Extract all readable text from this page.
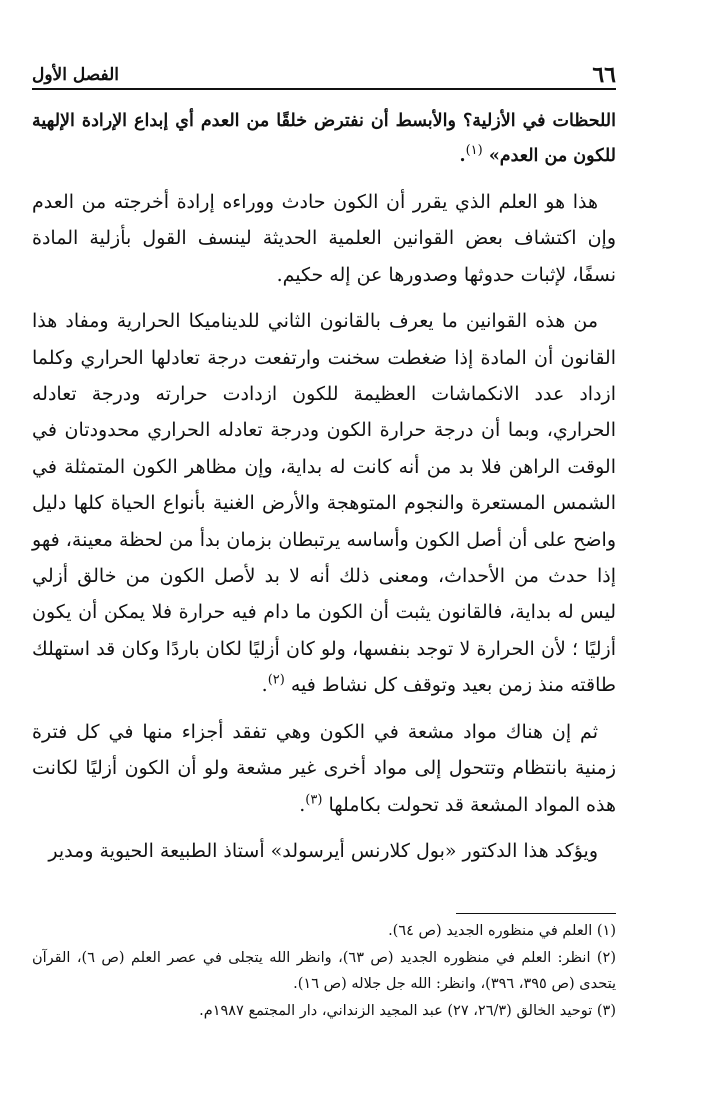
٦٦
الفصل الأول

اللحظات في الأزلية؟ والأبسط أن نفترض خلقًا من العدم أي إبداع الإرادة الإلهية للكون من العدم» $^{(١)}$.

هذا هو العلم الذي يقرر أن الكون حادث ووراءه إرادة أخرجته من العدم وإن اكتشاف بعض القوانين العلمية الحديثة لينسف القول بأزلية المادة نسفًا، لإثبات حدوثها وصدورها عن إله حكيم.

من هذه القوانين ما يعرف بالقانون الثاني للديناميكا الحرارية ومفاد هذا القانون أن المادة إذا ضغطت سخنت وارتفعت درجة تعادلها الحراري وكلما ازداد عدد الانكماشات العظيمة للكون ازدادت حرارته ودرجة تعادله الحراري، وبما أن درجة حرارة الكون ودرجة تعادله الحراري محدودتان في الوقت الراهن فلا بد من أنه كانت له بداية، وإن مظاهر الكون المتمثلة في الشمس المستعرة والنجوم المتوهجة والأرض الغنية بأنواع الحياة كلها دليل واضح على أن أصل الكون وأساسه يرتبطان بزمان بدأ من لحظة معينة، فهو إذا حدث من الأحداث، ومعنى ذلك أنه لا بد لأصل الكون من خالق أزلي ليس له بداية، فالقانون يثبت أن الكون ما دام فيه حرارة فلا يمكن أن يكون أزليًا ؛ لأن الحرارة لا توجد بنفسها، ولو كان أزليًا لكان باردًا وكان قد استهلك طاقته منذ زمن بعيد وتوقف كل نشاط فيه $^{(٢)}$.

ثم إن هناك مواد مشعة في الكون وهي تفقد أجزاء منها في كل فترة زمنية بانتظام وتتحول إلى مواد أخرى غير مشعة ولو أن الكون أزليًا لكانت هذه المواد المشعة قد تحولت بكاملها $^{(٣)}$.

ويؤكد هذا الدكتور «بول كلارنس أيرسولد» أستاذ الطبيعة الحيوية ومدير

(١) العلم في منظوره الجديد (ص ٦٤).

(٢) انظر: العلم في منظوره الجديد (ص ٦٣)، وانظر الله يتجلى في عصر العلم (ص ٦)، القرآن يتحدى (ص ٣٩٥، ٣٩٦)، وانظر: الله جل جلاله (ص ١٦).

(٣) توحيد الخالق (٢٦/٣، ٢٧) عبد المجيد الزنداني، دار المجتمع ١٩٨٧م.
